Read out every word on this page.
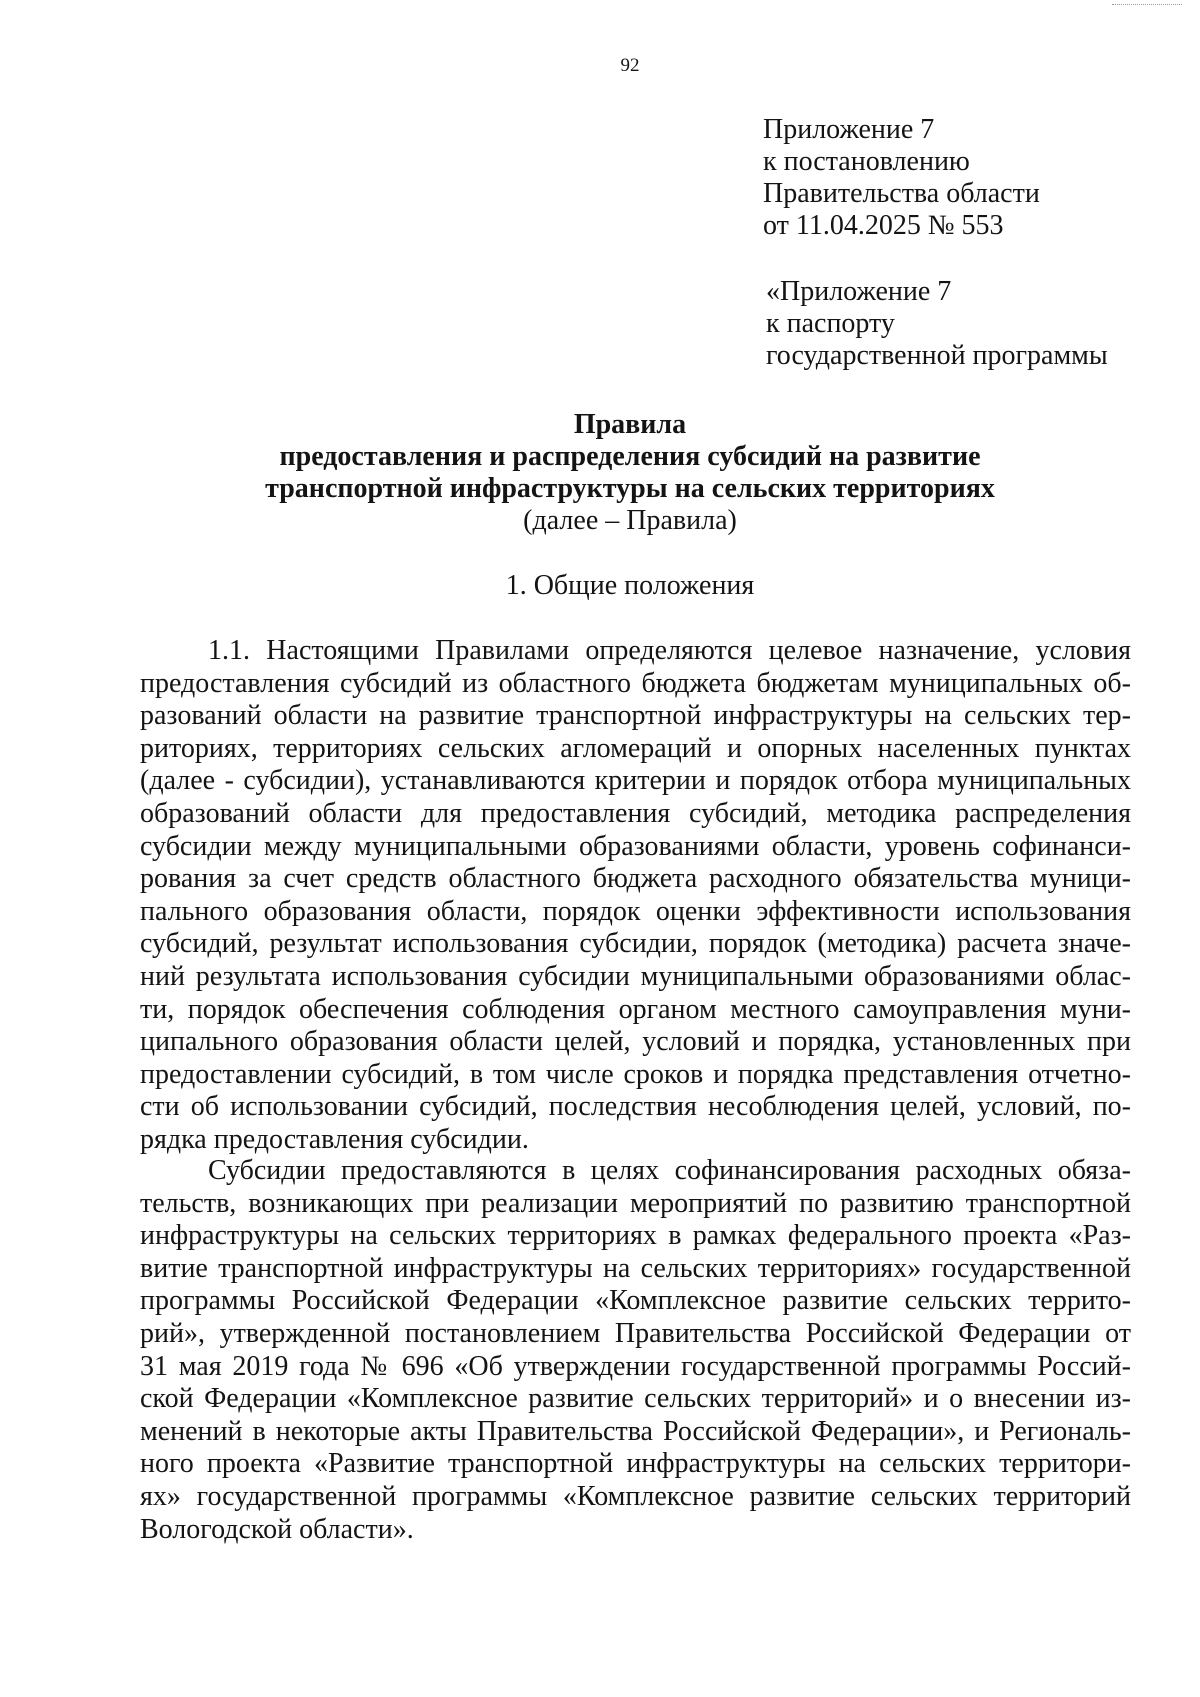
92
Приложение 7
к постановлению
Правительства области
от 11.04.2025 № 553
«Приложение 7
к паспорту
государственной программы
Правила
предоставления и распределения субсидий на развитие
транспортной инфраструктуры на сельских территориях
(далее – Правила)
1. Общие положения
1.1. Настоящими Правилами определяются целевое назначение, условия
предоставления субсидий из областного бюджета бюджетам муниципальных об-
разований области на развитие транспортной инфраструктуры на сельских тер-
риториях, территориях сельских агломераций и опорных населенных пунктах
(далее - субсидии), устанавливаются критерии и порядок отбора муниципальных
образований области для предоставления субсидий, методика распределения
субсидии между муниципальными образованиями области, уровень софинанси-
рования за счет средств областного бюджета расходного обязательства муници-
пального образования области, порядок оценки эффективности использования
субсидий, результат использования субсидии, порядок (методика) расчета значе-
ний результата использования субсидии муниципальными образованиями облас-
ти, порядок обеспечения соблюдения органом местного самоуправления муни-
ципального образования области целей, условий и порядка, установленных при
предоставлении субсидий, в том числе сроков и порядка представления отчетно-
сти об использовании субсидий, последствия несоблюдения целей, условий, по-
рядка предоставления субсидии.
Субсидии предоставляются в целях софинансирования расходных обяза-
тельств, возникающих при реализации мероприятий по развитию транспортной
инфраструктуры на сельских территориях в рамках федерального проекта «Раз-
витие транспортной инфраструктуры на сельских территориях» государственной
программы Российской Федерации «Комплексное развитие сельских террито-
рий», утвержденной постановлением Правительства Российской Федерации от
31 мая 2019 года № 696 «Об утверждении государственной программы Россий-
ской Федерации «Комплексное развитие сельских территорий» и о внесении из-
менений в некоторые акты Правительства Российской Федерации», и Региональ-
ного проекта «Развитие транспортной инфраструктуры на сельских территори-
ях» государственной программы «Комплексное развитие сельских территорий
Вологодской области».
